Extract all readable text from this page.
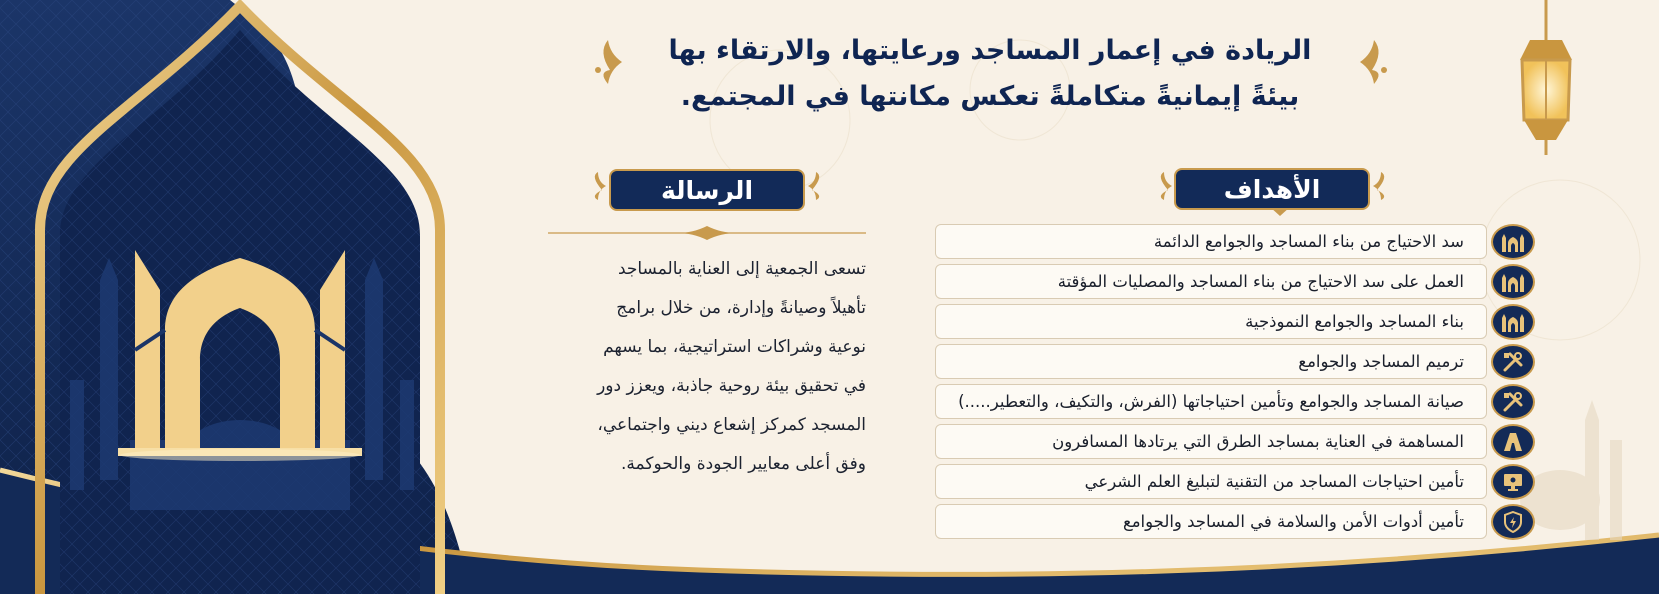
الريادة في إعمار المساجد ورعايتها، والارتقاء بها
بيئةً إيمانيةً متكاملةً تعكس مكانتها في المجتمع.
الرسالة
تسعى الجمعية إلى العناية بالمساجد
تأهيلاً وصيانةً وإدارة، من خلال برامج
نوعية وشراكات استراتيجية، بما يسهم
في تحقيق بيئة روحية جاذبة، ويعزز دور
المسجد كمركز إشعاع ديني واجتماعي،
وفق أعلى معايير الجودة والحوكمة.
الأهداف
سد الاحتياج من بناء المساجد والجوامع الدائمة
العمل على سد الاحتياج من بناء المساجد والمصليات المؤقتة
بناء المساجد والجوامع النموذجية
ترميم المساجد والجوامع
صيانة المساجد والجوامع وتأمين احتياجاتها (الفرش، والتكيف، والتعطير.....)
المساهمة في العناية بمساجد الطرق التي يرتادها المسافرون
تأمين احتياجات المساجد من التقنية لتبليغ العلم الشرعي
تأمين أدوات الأمن والسلامة في المساجد والجوامع
